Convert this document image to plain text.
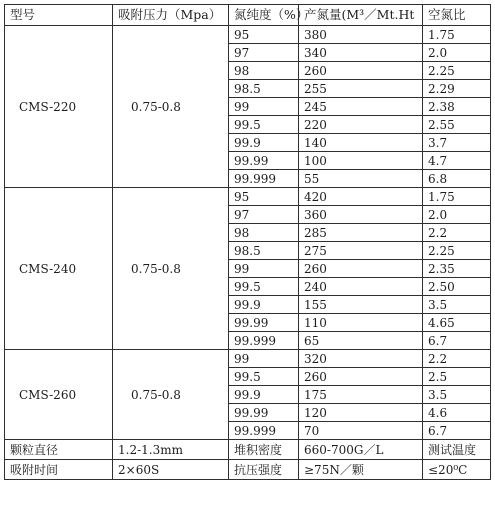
型号	吸附压力（Mpa）	氮纯度（%）	产氮量(M³／Mt.Ht	空氮比
CMS-220	0.75-0.8	95	380	1.75
		97	340	2.0
		98	260	2.25
		98.5	255	2.29
		99	245	2.38
		99.5	220	2.55
		99.9	140	3.7
		99.99	100	4.7
		99.999	55	6.8
CMS-240	0.75-0.8	95	420	1.75
		97	360	2.0
		98	285	2.2
		98.5	275	2.25
		99	260	2.35
		99.5	240	2.50
		99.9	155	3.5
		99.99	110	4.65
		99.999	65	6.7
CMS-260	0.75-0.8	99	320	2.2
		99.5	260	2.5
		99.9	175	3.5
		99.99	120	4.6
		99.999	70	6.7
颗粒直径	1.2-1.3mm	堆积密度	660-700G／L	测试温度
吸附时间	2×60S	抗压强度	≥75N／颗	≤20⁰C
